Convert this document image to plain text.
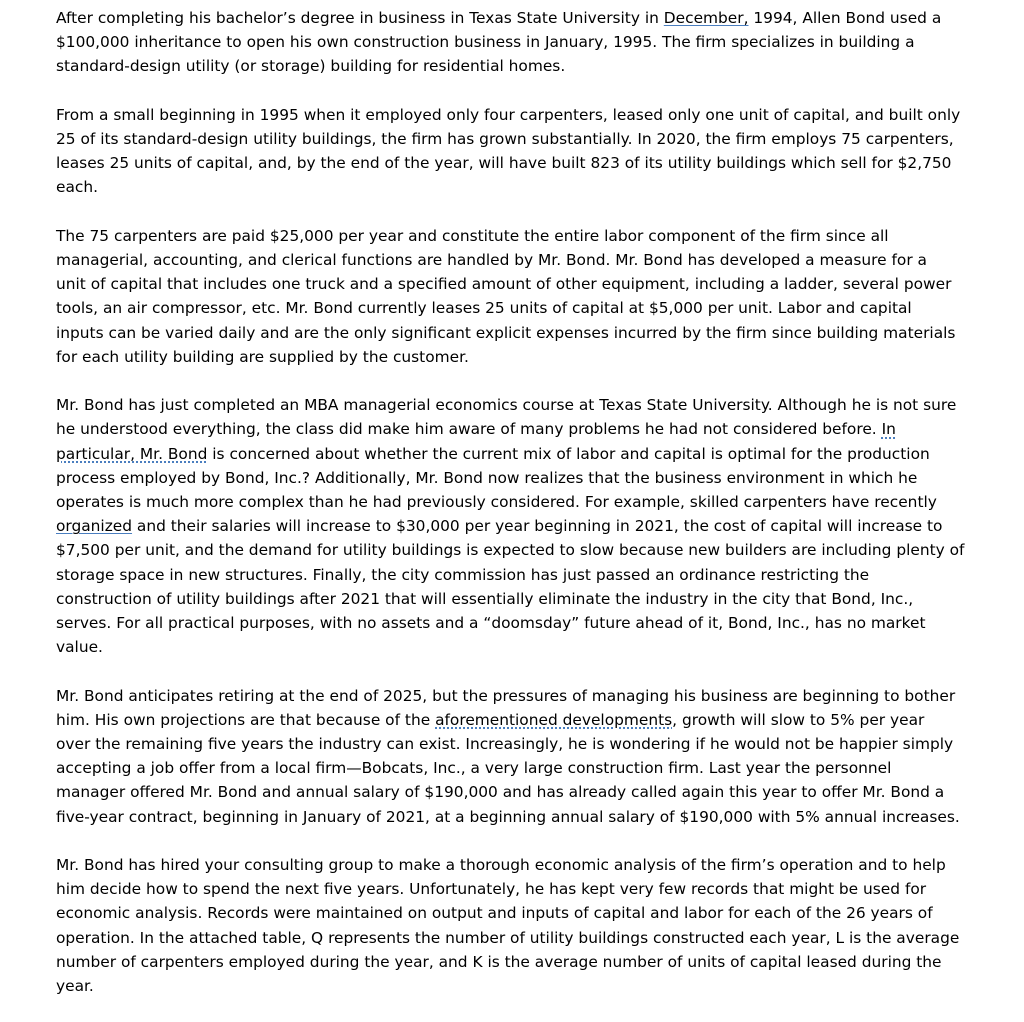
After completing his bachelor’s degree in business in Texas State University in December, 1994, Allen Bond used a
$100,000 inheritance to open his own construction business in January, 1995. The firm specializes in building a
standard-design utility (or storage) building for residential homes.

From a small beginning in 1995 when it employed only four carpenters, leased only one unit of capital, and built only
25 of its standard-design utility buildings, the firm has grown substantially. In 2020, the firm employs 75 carpenters,
leases 25 units of capital, and, by the end of the year, will have built 823 of its utility buildings which sell for $2,750
each.

The 75 carpenters are paid $25,000 per year and constitute the entire labor component of the firm since all
managerial, accounting, and clerical functions are handled by Mr. Bond. Mr. Bond has developed a measure for a
unit of capital that includes one truck and a specified amount of other equipment, including a ladder, several power
tools, an air compressor, etc. Mr. Bond currently leases 25 units of capital at $5,000 per unit. Labor and capital
inputs can be varied daily and are the only significant explicit expenses incurred by the firm since building materials
for each utility building are supplied by the customer.

Mr. Bond has just completed an MBA managerial economics course at Texas State University. Although he is not sure
he understood everything, the class did make him aware of many problems he had not considered before. In
particular, Mr. Bond is concerned about whether the current mix of labor and capital is optimal for the production
process employed by Bond, Inc.? Additionally, Mr. Bond now realizes that the business environment in which he
operates is much more complex than he had previously considered. For example, skilled carpenters have recently
organized and their salaries will increase to $30,000 per year beginning in 2021, the cost of capital will increase to
$7,500 per unit, and the demand for utility buildings is expected to slow because new builders are including plenty of
storage space in new structures. Finally, the city commission has just passed an ordinance restricting the
construction of utility buildings after 2021 that will essentially eliminate the industry in the city that Bond, Inc.,
serves. For all practical purposes, with no assets and a “doomsday” future ahead of it, Bond, Inc., has no market
value.

Mr. Bond anticipates retiring at the end of 2025, but the pressures of managing his business are beginning to bother
him. His own projections are that because of the aforementioned developments, growth will slow to 5% per year
over the remaining five years the industry can exist. Increasingly, he is wondering if he would not be happier simply
accepting a job offer from a local firm—Bobcats, Inc., a very large construction firm. Last year the personnel
manager offered Mr. Bond and annual salary of $190,000 and has already called again this year to offer Mr. Bond a
five-year contract, beginning in January of 2021, at a beginning annual salary of $190,000 with 5% annual increases.

Mr. Bond has hired your consulting group to make a thorough economic analysis of the firm’s operation and to help
him decide how to spend the next five years. Unfortunately, he has kept very few records that might be used for
economic analysis. Records were maintained on output and inputs of capital and labor for each of the 26 years of
operation. In the attached table, Q represents the number of utility buildings constructed each year, L is the average
number of carpenters employed during the year, and K is the average number of units of capital leased during the
year.
